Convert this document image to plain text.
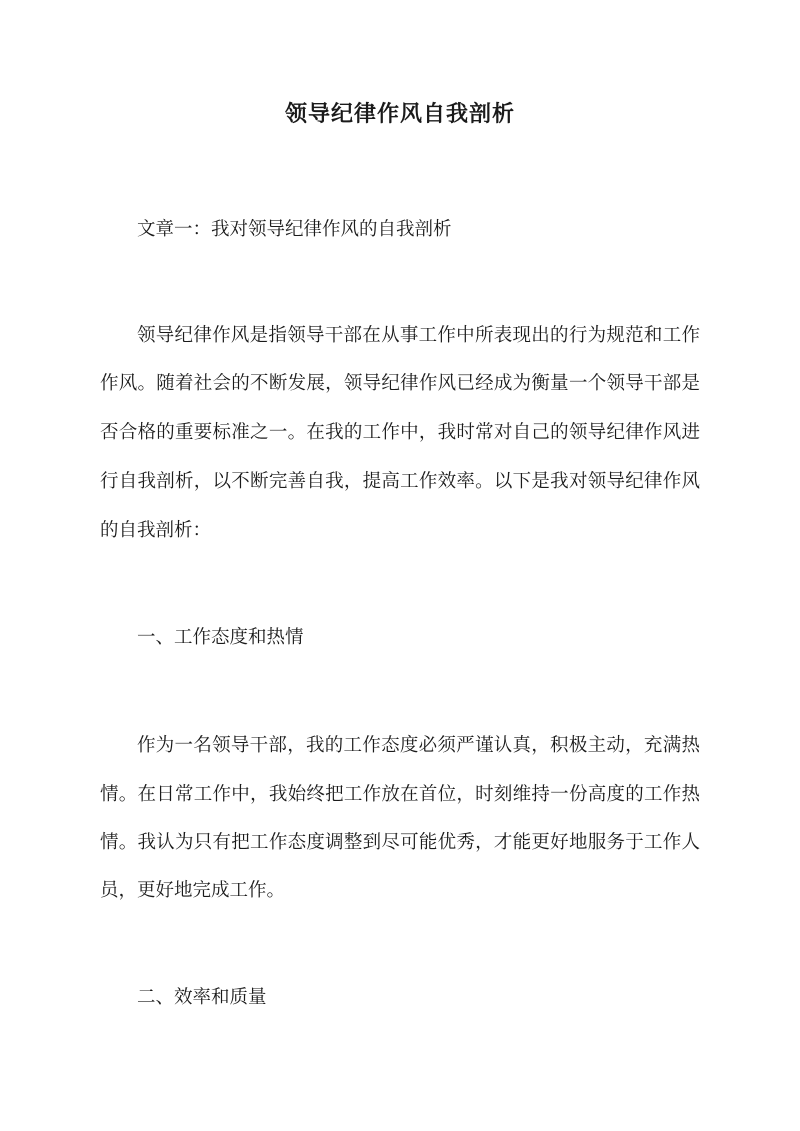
领导纪律作风自我剖析
文章一：我对领导纪律作风的自我剖析
领导纪律作风是指领导干部在从事工作中所表现出的行为规范和工作
作风。随着社会的不断发展，领导纪律作风已经成为衡量一个领导干部是
否合格的重要标准之一。在我的工作中，我时常对自己的领导纪律作风进
行自我剖析，以不断完善自我，提高工作效率。以下是我对领导纪律作风
的自我剖析：
一、工作态度和热情
作为一名领导干部，我的工作态度必须严谨认真，积极主动，充满热
情。在日常工作中，我始终把工作放在首位，时刻维持一份高度的工作热
情。我认为只有把工作态度调整到尽可能优秀，才能更好地服务于工作人
员，更好地完成工作。
二、效率和质量
